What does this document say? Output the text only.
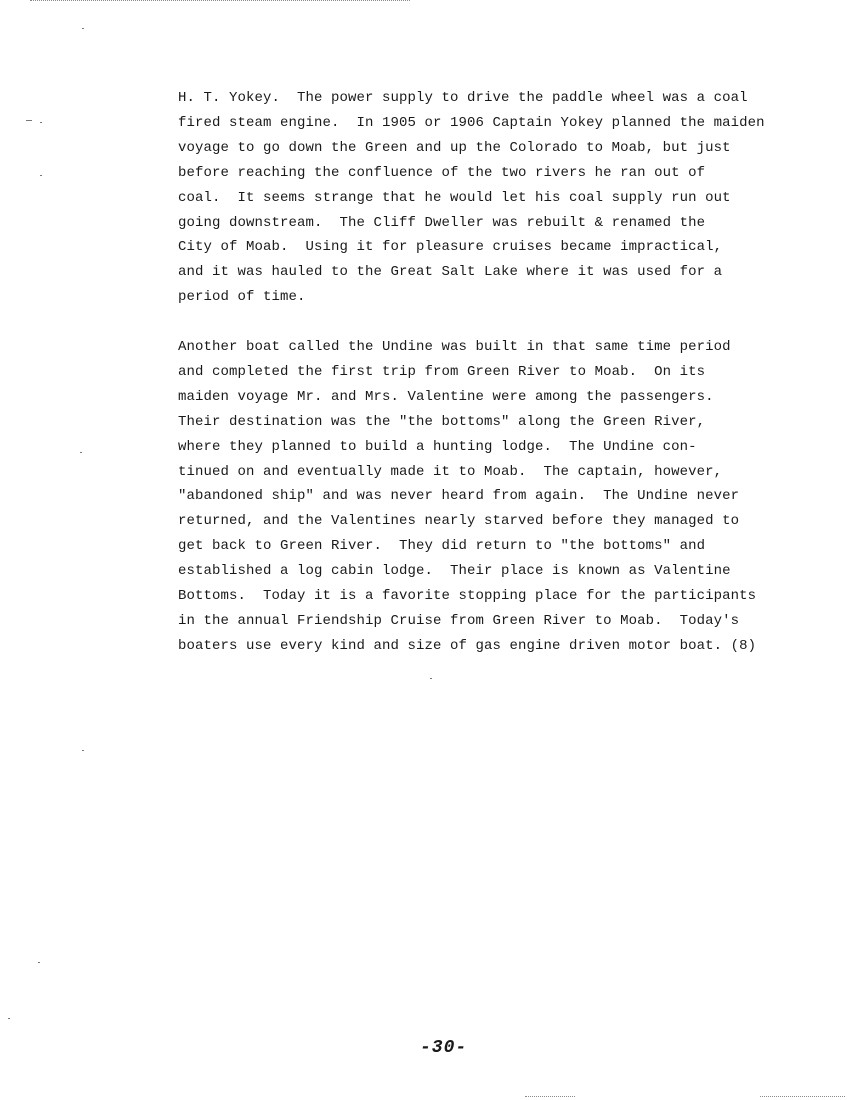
H. T. Yokey.  The power supply to drive the paddle wheel was a coal
fired steam engine.  In 1905 or 1906 Captain Yokey planned the maiden
voyage to go down the Green and up the Colorado to Moab, but just
before reaching the confluence of the two rivers he ran out of
coal.  It seems strange that he would let his coal supply run out
going downstream.  The Cliff Dweller was rebuilt & renamed the
City of Moab.  Using it for pleasure cruises became impractical,
and it was hauled to the Great Salt Lake where it was used for a
period of time.

Another boat called the Undine was built in that same time period
and completed the first trip from Green River to Moab.  On its
maiden voyage Mr. and Mrs. Valentine were among the passengers.
Their destination was the "the bottoms" along the Green River,
where they planned to build a hunting lodge.  The Undine con-
tinued on and eventually made it to Moab.  The captain, however,
"abandoned ship" and was never heard from again.  The Undine never
returned, and the Valentines nearly starved before they managed to
get back to Green River.  They did return to "the bottoms" and
established a log cabin lodge.  Their place is known as Valentine
Bottoms.  Today it is a favorite stopping place for the participants
in the annual Friendship Cruise from Green River to Moab.  Today's
boaters use every kind and size of gas engine driven motor boat. (8)

-30-
